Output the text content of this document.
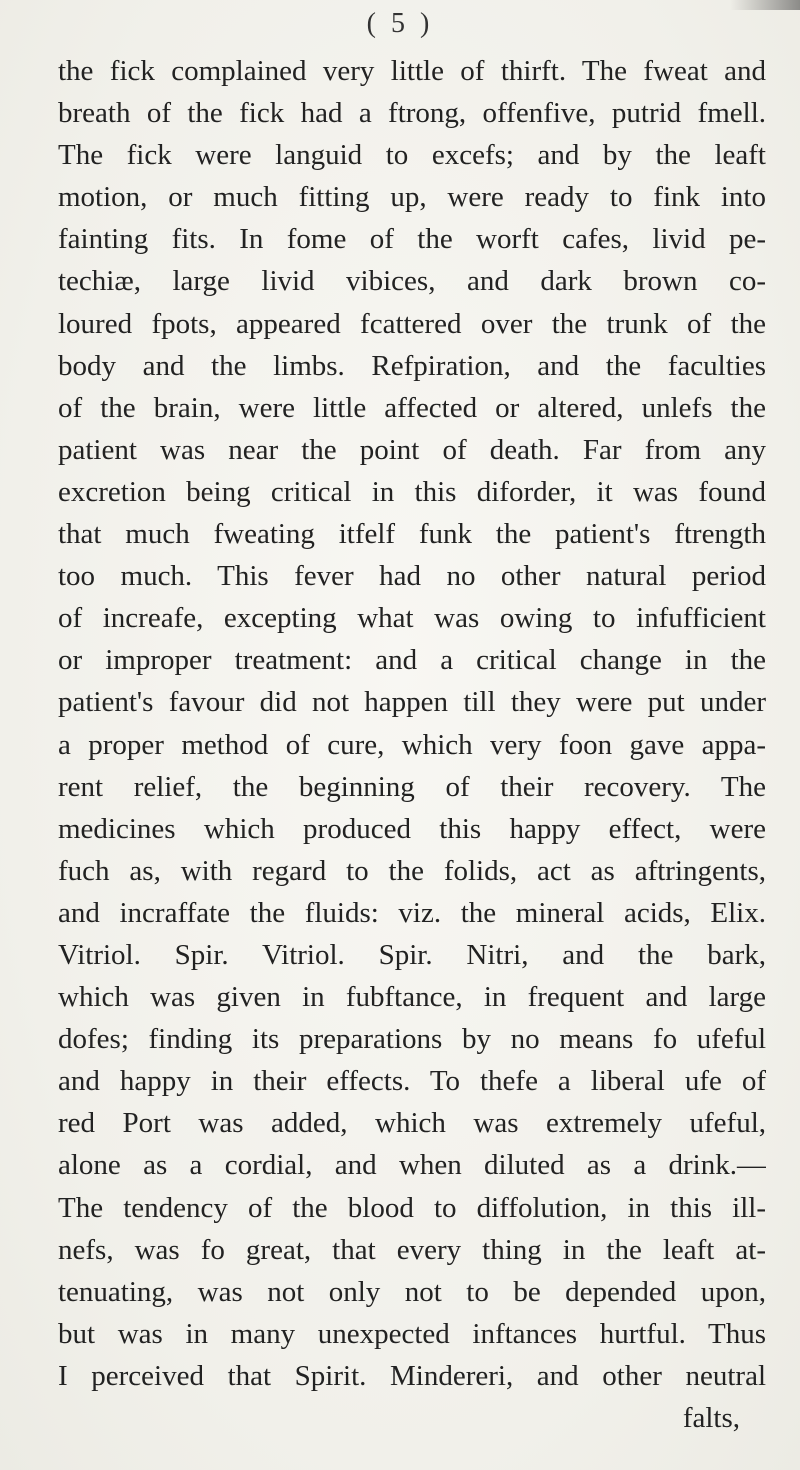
( 5 )
the fick complained very little of thirft. The fweat and
breath of the fick had a ftrong, offenfive, putrid fmell.
The fick were languid to excefs; and by the leaft
motion, or much fitting up, were ready to fink into
fainting fits. In fome of the worft cafes, livid pe-
techiæ, large livid vibices, and dark brown co-
loured fpots, appeared fcattered over the trunk of the
body and the limbs. Refpiration, and the faculties
of the brain, were little affected or altered, unlefs the
patient was near the point of death. Far from any
excretion being critical in this diforder, it was found
that much fweating itfelf funk the patient's ftrength
too much. This fever had no other natural period
of increafe, excepting what was owing to infufficient
or improper treatment: and a critical change in the
patient's favour did not happen till they were put under
a proper method of cure, which very foon gave appa-
rent relief, the beginning of their recovery. The
medicines which produced this happy effect, were
fuch as, with regard to the folids, act as aftringents,
and incraffate the fluids: viz. the mineral acids, Elix.
Vitriol. Spir. Vitriol. Spir. Nitri, and the bark,
which was given in fubftance, in frequent and large
dofes; finding its preparations by no means fo ufeful
and happy in their effects. To thefe a liberal ufe of
red Port was added, which was extremely ufeful,
alone as a cordial, and when diluted as a drink.—
The tendency of the blood to diffolution, in this ill-
nefs, was fo great, that every thing in the leaft at-
tenuating, was not only not to be depended upon,
but was in many unexpected inftances hurtful. Thus
I perceived that Spirit. Mindereri, and other neutral
falts,
